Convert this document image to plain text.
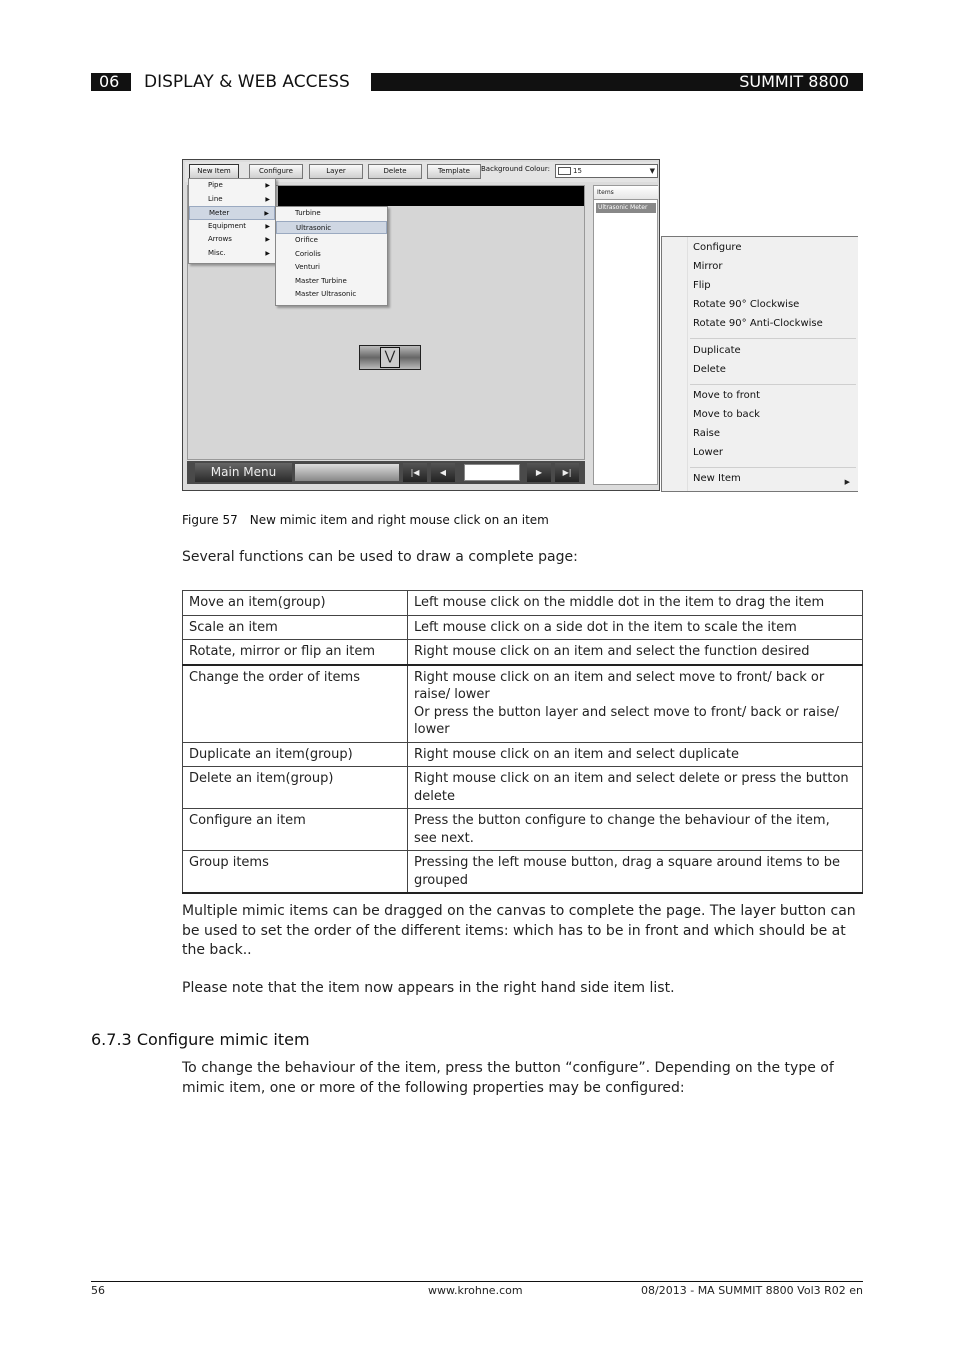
06	DISPLAY & WEB ACCESS	SUMMIT 8800
New Item	Configure	Layer	Delete	Template	Background Colour:	15	▼
⋁
Pipe	▶
Line	▶
Meter	▶
Equipment	▶
Arrows	▶
Misc.	▶
Turbine
Ultrasonic
Orifice
Coriolis
Venturi
Master Turbine
Master Ultrasonic
Main Menu	|◀	◀	▶	▶|
Items
Ultrasonic Meter
Configure
Mirror
Flip
Rotate 90° Clockwise
Rotate 90° Anti-Clockwise
Duplicate
Delete
Move to front
Move to back
Raise
Lower
New Item	▶
Figure 57 New mimic item and right mouse click on an item
Several functions can be used to draw a complete page:
Move an item(group)	Left mouse click on the middle dot in the item to drag the item
Scale an item	Left mouse click on a side dot in the item to scale the item
Rotate, mirror or flip an item	Right mouse click on an item and select the function desired
Change the order of items	Right mouse click on an item and select move to front/ back or raise/ lower
Or press the button layer and select move to front/ back or raise/ lower
Duplicate an item(group)	Right mouse click on an item and select duplicate
Delete an item(group)	Right mouse click on an item and select delete or press the button delete
Configure an item	Press the button configure to change the behaviour of the item, see next.
Group items	Pressing the left mouse button, drag a square around items to be grouped
Multiple mimic items can be dragged on the canvas to complete the page. The layer button can be used to set the order of the different items: which has to be in front and which should be at the back..
Please note that the item now appears in the right hand side item list.
6.7.3 Configure mimic item
To change the behaviour of the item, press the button “configure”. Depending on the type of mimic item, one or more of the following properties may be configured:
56	www.krohne.com	08/2013 - MA SUMMIT 8800 Vol3 R02 en
